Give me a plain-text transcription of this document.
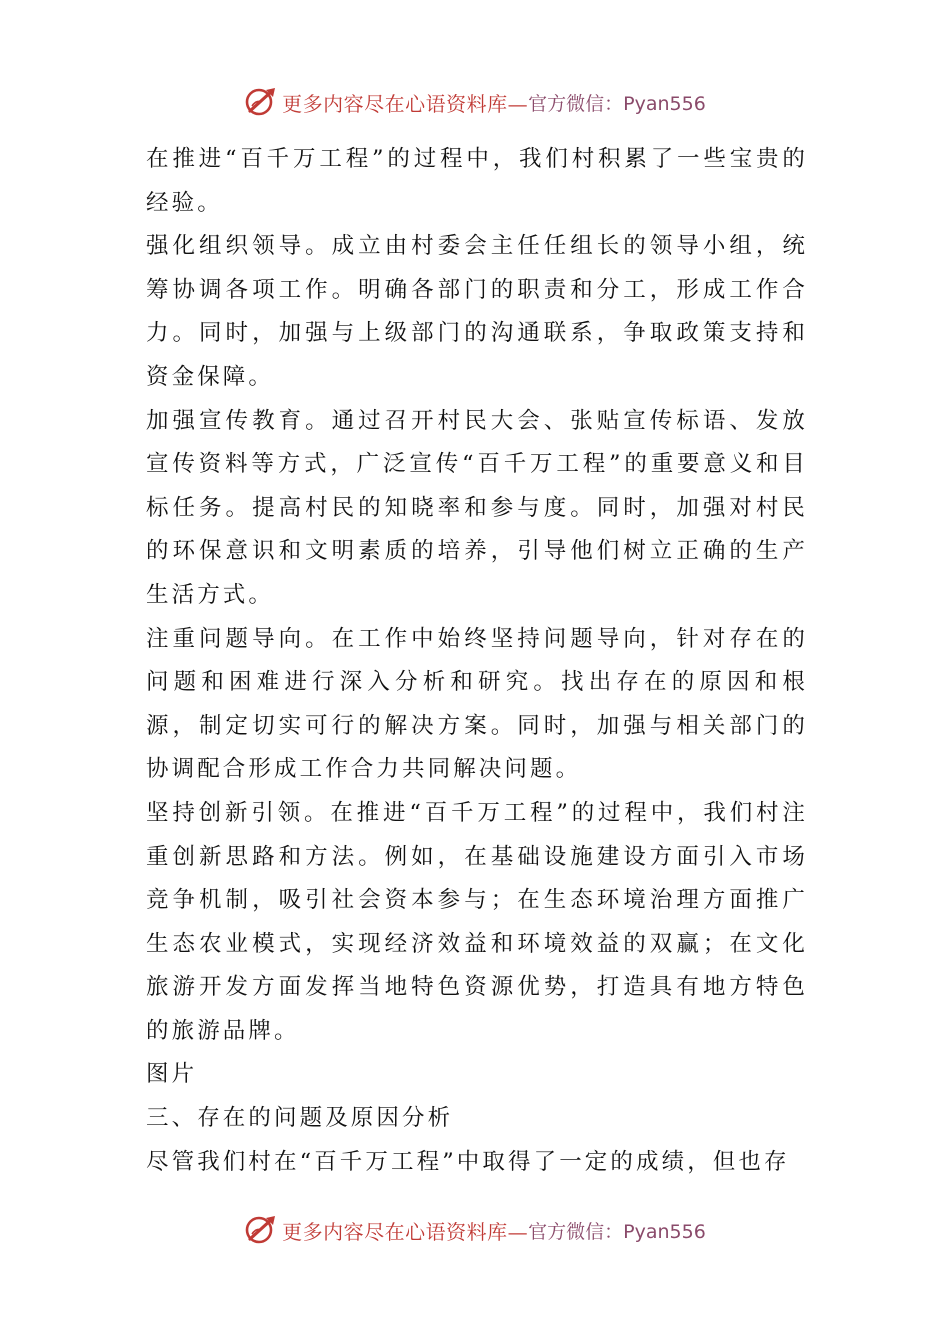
更多内容尽在心语资料库— 官方微信：Pyan556

在推进“百千万工程”的过程中，我们村积累了一些宝贵的经验。

强化组织领导。成立由村委会主任任组长的领导小组，统筹协调各项工作。明确各部门的职责和分工，形成工作合力。同时，加强与上级部门的沟通联系，争取政策支持和资金保障。

加强宣传教育。通过召开村民大会、张贴宣传标语、发放宣传资料等方式，广泛宣传“百千万工程”的重要意义和目标任务。提高村民的知晓率和参与度。同时，加强对村民的环保意识和文明素质的培养，引导他们树立正确的生产生活方式。

注重问题导向。在工作中始终坚持问题导向，针对存在的问题和困难进行深入分析和研究。找出存在的原因和根源，制定切实可行的解决方案。同时，加强与相关部门的协调配合形成工作合力共同解决问题。

坚持创新引领。在推进“百千万工程”的过程中，我们村注重创新思路和方法。例如，在基础设施建设方面引入市场竞争机制，吸引社会资本参与；在生态环境治理方面推广生态农业模式，实现经济效益和环境效益的双赢；在文化旅游开发方面发挥当地特色资源优势，打造具有地方特色的旅游品牌。

图片

三、存在的问题及原因分析

尽管我们村在“百千万工程”中取得了一定的成绩，但也存

更多内容尽在心语资料库— 官方微信：Pyan556
